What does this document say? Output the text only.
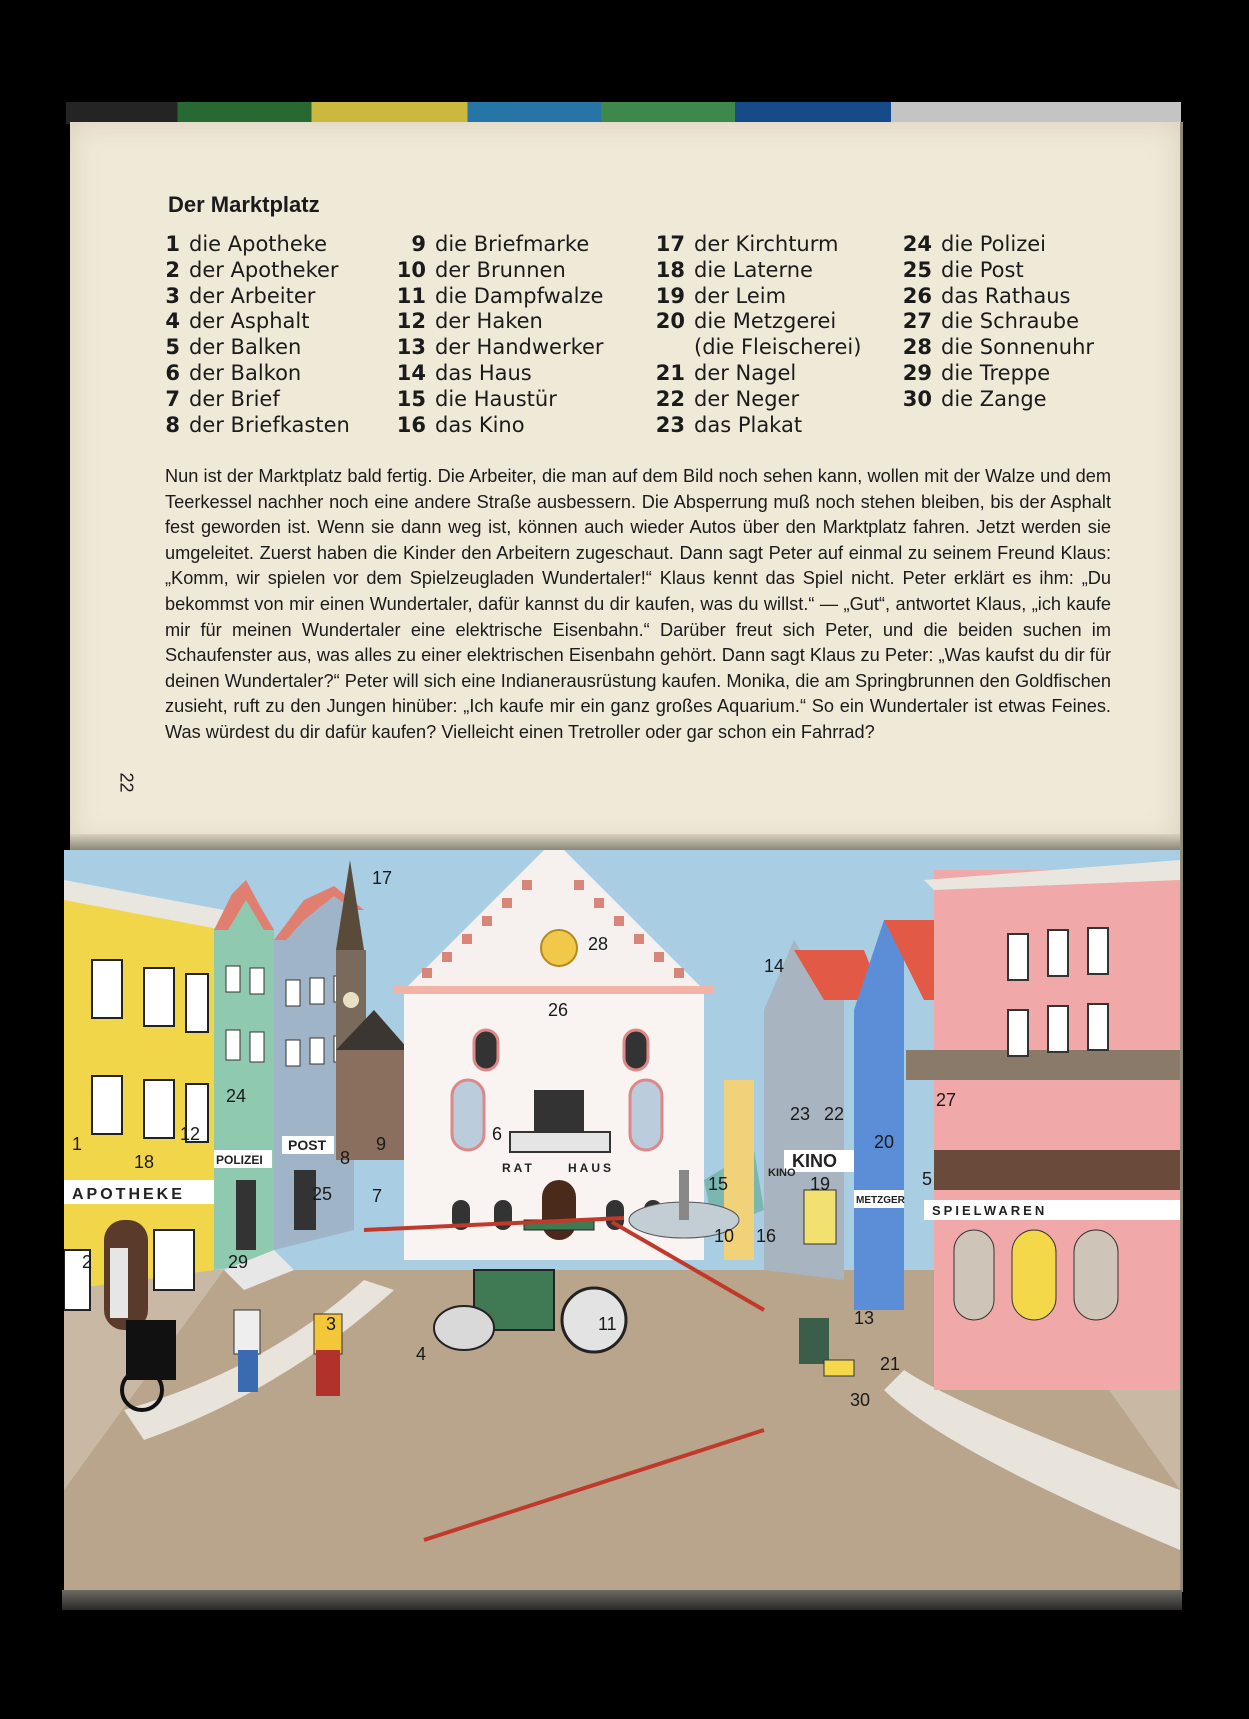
Der Marktplatz
1 die Apotheke
2 der Apotheker
3 der Arbeiter
4 der Asphalt
5 der Balken
6 der Balkon
7 der Brief
8 der Briefkasten
9 die Briefmarke
10 der Brunnen
11 die Dampfwalze
12 der Haken
13 der Handwerker
14 das Haus
15 die Haustür
16 das Kino
17 der Kirchturm
18 die Laterne
19 der Leim
20 die Metzgerei
(die Fleischerei)
21 der Nagel
22 der Neger
23 das Plakat
24 die Polizei
25 die Post
26 das Rathaus
27 die Schraube
28 die Sonnenuhr
29 die Treppe
30 die Zange
Nun ist der Marktplatz bald fertig. Die Arbeiter, die man auf dem Bild noch sehen kann, wollen mit der Walze und dem Teerkessel nachher noch eine andere Straße ausbessern. Die Absperrung muß noch stehen bleiben, bis der Asphalt fest geworden ist. Wenn sie dann weg ist, können auch wieder Autos über den Marktplatz fahren. Jetzt werden sie umgeleitet. Zuerst haben die Kinder den Arbeitern zugeschaut. Dann sagt Peter auf einmal zu seinem Freund Klaus: „Komm, wir spielen vor dem Spielzeugladen Wundertaler!“ Klaus kennt das Spiel nicht. Peter erklärt es ihm: „Du bekommst von mir einen Wundertaler, dafür kannst du dir kaufen, was du willst.“ — „Gut“, antwortet Klaus, „ich kaufe mir für meinen Wundertaler eine elektrische Eisenbahn.“ Darüber freut sich Peter, und die beiden suchen im Schaufenster aus, was alles zu einer elektrischen Eisenbahn gehört. Dann sagt Klaus zu Peter: „Was kaufst du dir für deinen Wundertaler?“ Peter will sich eine Indianerausrüstung kaufen. Monika, die am Springbrunnen den Goldfischen zusieht, ruft zu den Jungen hinüber: „Ich kaufe mir ein ganz großes Aquarium.“ So ein Wundertaler ist etwas Feines. Was würdest du dir dafür kaufen? Vielleicht einen Tretroller oder gar schon ein Fahrrad?
22
APOTHEKE
POLIZEI
POST
RAT	HAUS	KINO
KINO
METZGER
SPIELWAREN
1
2
3
4
5
6
7
8
9
10
11
12
13
14
15
16
17
18
19
20
21
22
23
24
25
26
27
28
29
30
